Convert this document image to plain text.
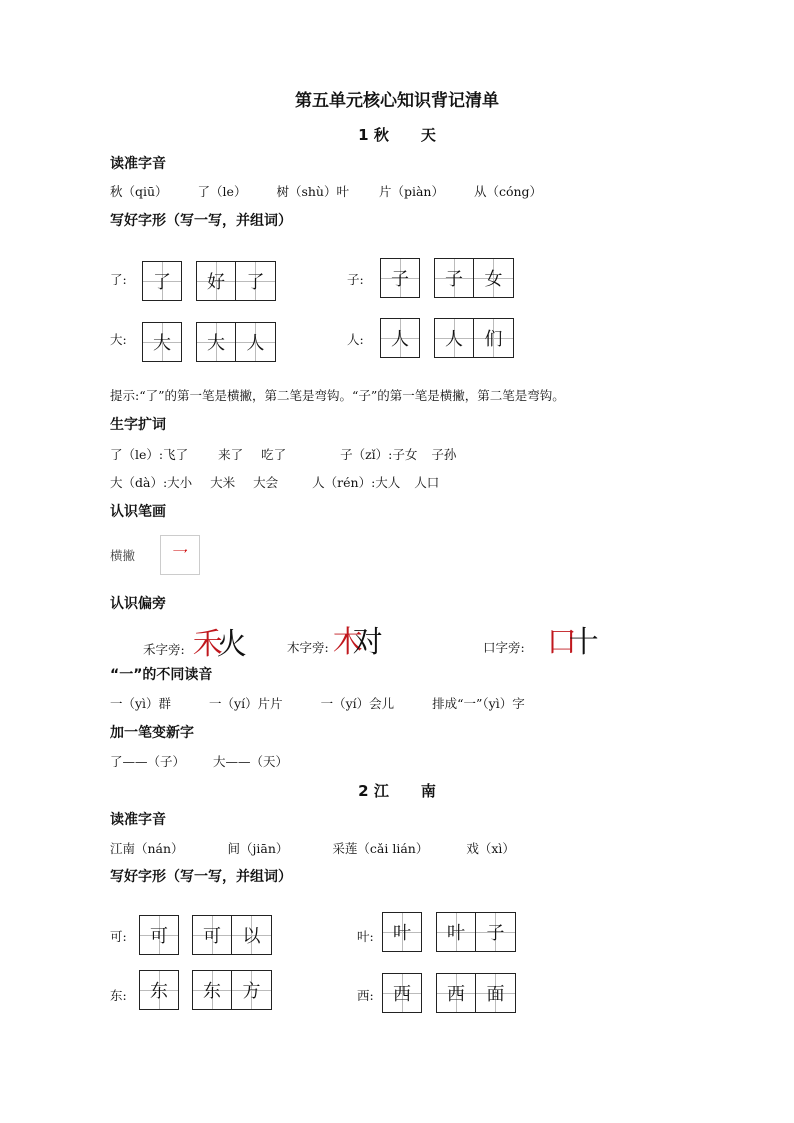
第五单元核心知识背记清单
1 秋 天
读准字音
秋（qiū） 了（le） 树（shù）叶 片（piàn） 从（cóng）
写好字形（写一写，并组词）
了: 了 好 了	子: 子 子 女
大: 大 大 人	人: 人 人 们
提示:“了”的第一笔是横撇，第二笔是弯钩。“子”的第一笔是横撇，第二笔是弯钩。
生字扩词
了（le）:飞了 来了 吃了	子（zǐ）:子女 子孙
大（dà）:大小 大米 大会	人（rén）:大人 人口
认识笔画
横撇 乛
认识偏旁
禾字旁: 禾火	木字旁: 木对	口字旁: 口十
“一”的不同读音
一（yì）群	一（yí）片片	一（yí）会儿	排成“一”（yì）字
加一笔变新字
了——（子） 大——（天）
2 江 南
读准字音
江南（nán）	间（jiān）	采莲（cǎi lián）	戏（xì）
写好字形（写一写，并组词）
可: 可 可 以	叶: 叶 叶 子
东: 东 东 方	西: 西 西 面
